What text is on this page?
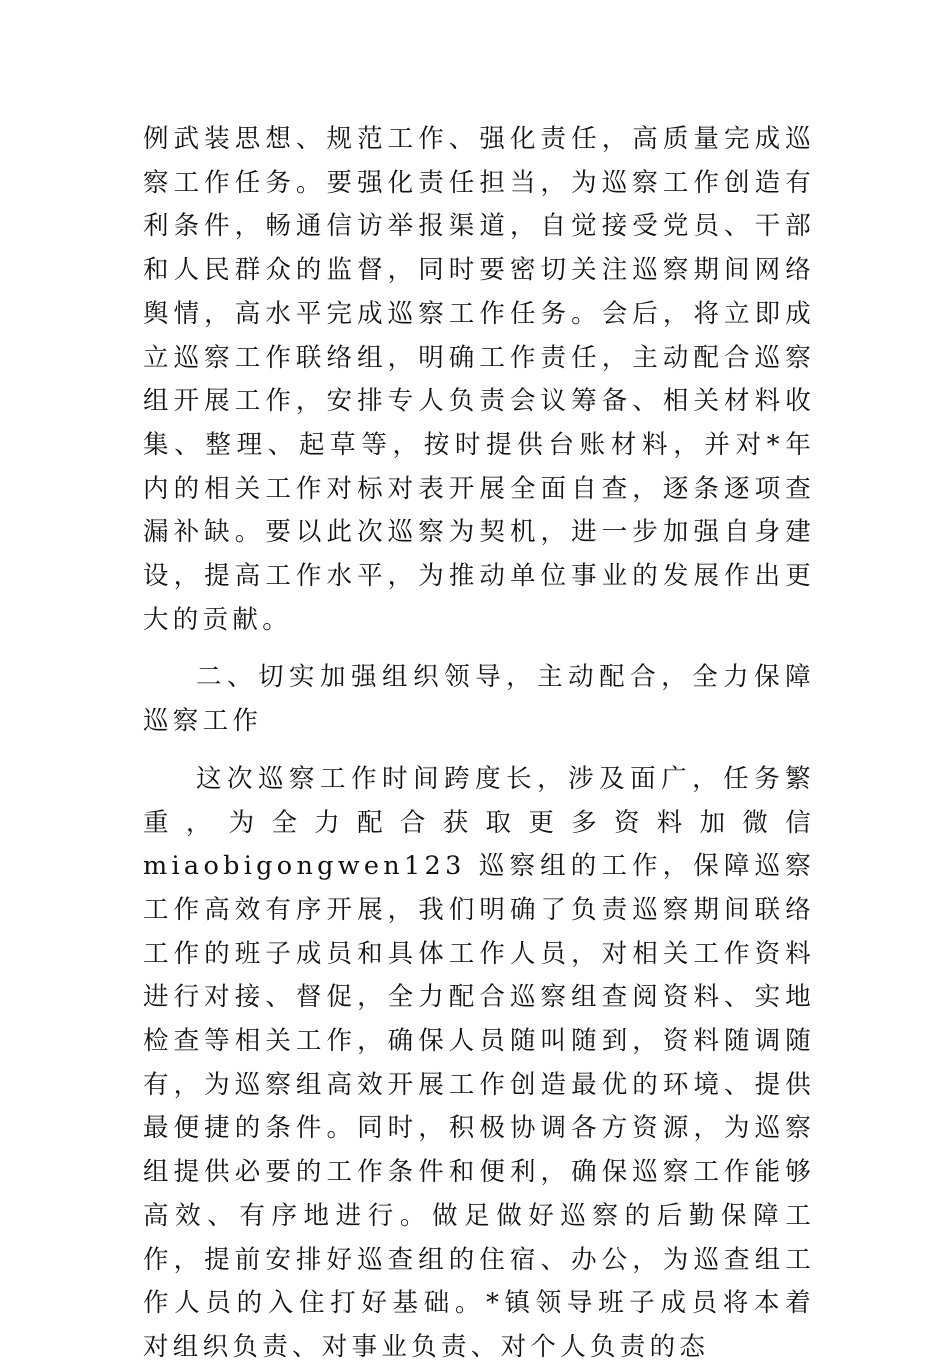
例武装思想、规范工作、强化责任，高质量完成巡察工作任务。要强化责任担当，为巡察工作创造有利条件，畅通信访举报渠道，自觉接受党员、干部和人民群众的监督，同时要密切关注巡察期间网络舆情，高水平完成巡察工作任务。会后，将立即成立巡察工作联络组，明确工作责任，主动配合巡察组开展工作，安排专人负责会议筹备、相关材料收集、整理、起草等，按时提供台账材料，并对*年内的相关工作对标对表开展全面自查，逐条逐项查漏补缺。要以此次巡察为契机，进一步加强自身建设，提高工作水平，为推动单位事业的发展作出更大的贡献。

二、切实加强组织领导，主动配合，全力保障巡察工作

这次巡察工作时间跨度长，涉及面广，任务繁重，为全力配合获取更多资料加微信 miaobigongwen123 巡察组的工作，保障巡察工作高效有序开展，我们明确了负责巡察期间联络工作的班子成员和具体工作人员，对相关工作资料进行对接、督促，全力配合巡察组查阅资料、实地检查等相关工作，确保人员随叫随到，资料随调随有，为巡察组高效开展工作创造最优的环境、提供最便捷的条件。同时，积极协调各方资源，为巡察组提供必要的工作条件和便利，确保巡察工作能够高效、有序地进行。做足做好巡察的后勤保障工作，提前安排好巡查组的住宿、办公，为巡查组工作人员的入住打好基础。*镇领导班子成员将本着对组织负责、对事业负责、对个人负责的态
